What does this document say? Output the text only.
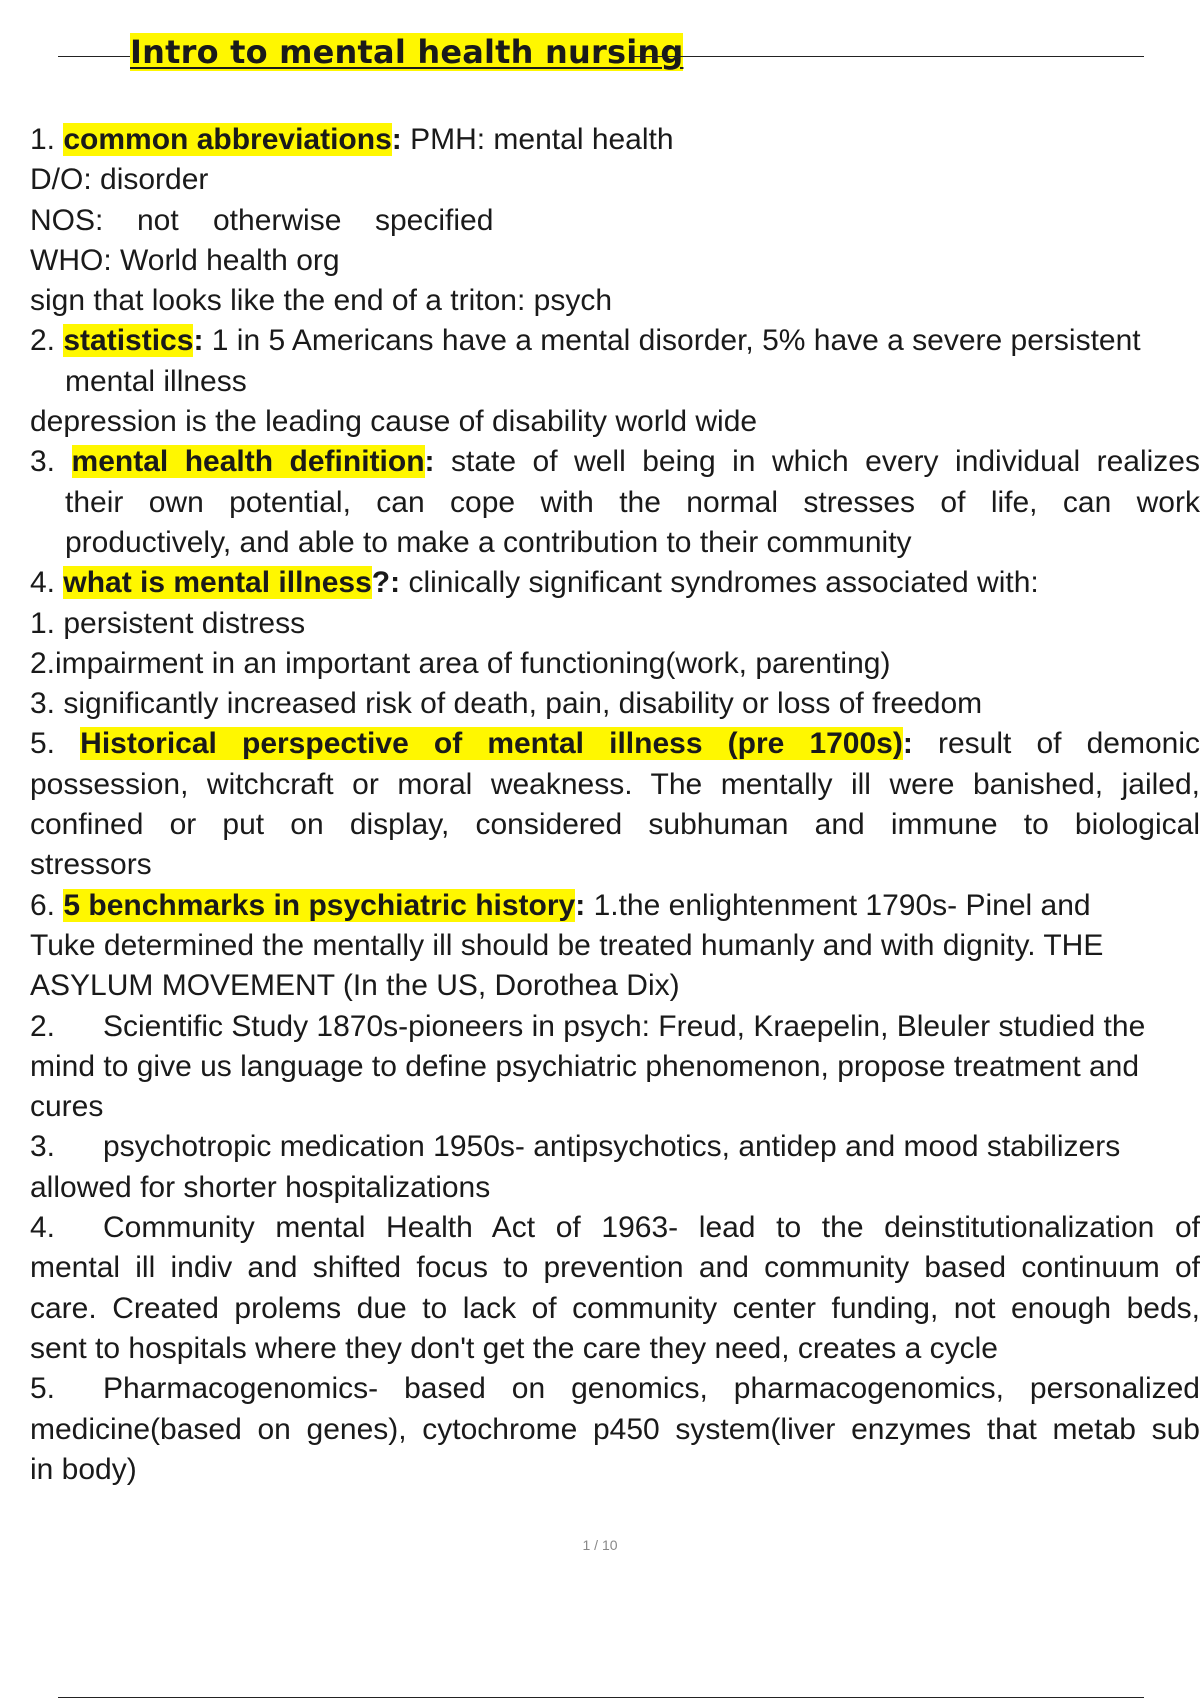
Intro to mental health nursing

1. common abbreviations: PMH: mental health

D/O: disorder

NOS: not otherwise specified

WHO: World health org

sign that looks like the end of a triton: psych

2. statistics: 1 in 5 Americans have a mental disorder, 5% have a severe persistent

mental illness

depression is the leading cause of disability world wide

3. mental health definition: state of well being in which every individual realizes

their own potential, can cope with the normal stresses of life, can work

productively, and able to make a contribution to their community

4. what is mental illness?: clinically significant syndromes associated with:

1. persistent distress

2.impairment in an important area of functioning(work, parenting)

3. significantly increased risk of death, pain, disability or loss of freedom

5. Historical perspective of mental illness (pre 1700s): result of demonic

possession, witchcraft or moral weakness. The mentally ill were banished, jailed,

confined or put on display, considered subhuman and immune to biological

stressors

6. 5 benchmarks in psychiatric history: 1.the enlightenment 1790s- Pinel and

Tuke determined the mentally ill should be treated humanly and with dignity. THE

ASYLUM MOVEMENT (In the US, Dorothea Dix)

2. Scientific Study 1870s-pioneers in psych: Freud, Kraepelin, Bleuler studied the

mind to give us language to define psychiatric phenomenon, propose treatment and

cures

3. psychotropic medication 1950s- antipsychotics, antidep and mood stabilizers

allowed for shorter hospitalizations

4. Community mental Health Act of 1963- lead to the deinstitutionalization of

mental ill indiv and shifted focus to prevention and community based continuum of

care. Created prolems due to lack of community center funding, not enough beds,

sent to hospitals where they don't get the care they need, creates a cycle

5. Pharmacogenomics- based on genomics, pharmacogenomics, personalized

medicine(based on genes), cytochrome p450 system(liver enzymes that metab sub

in body)

1 / 10
